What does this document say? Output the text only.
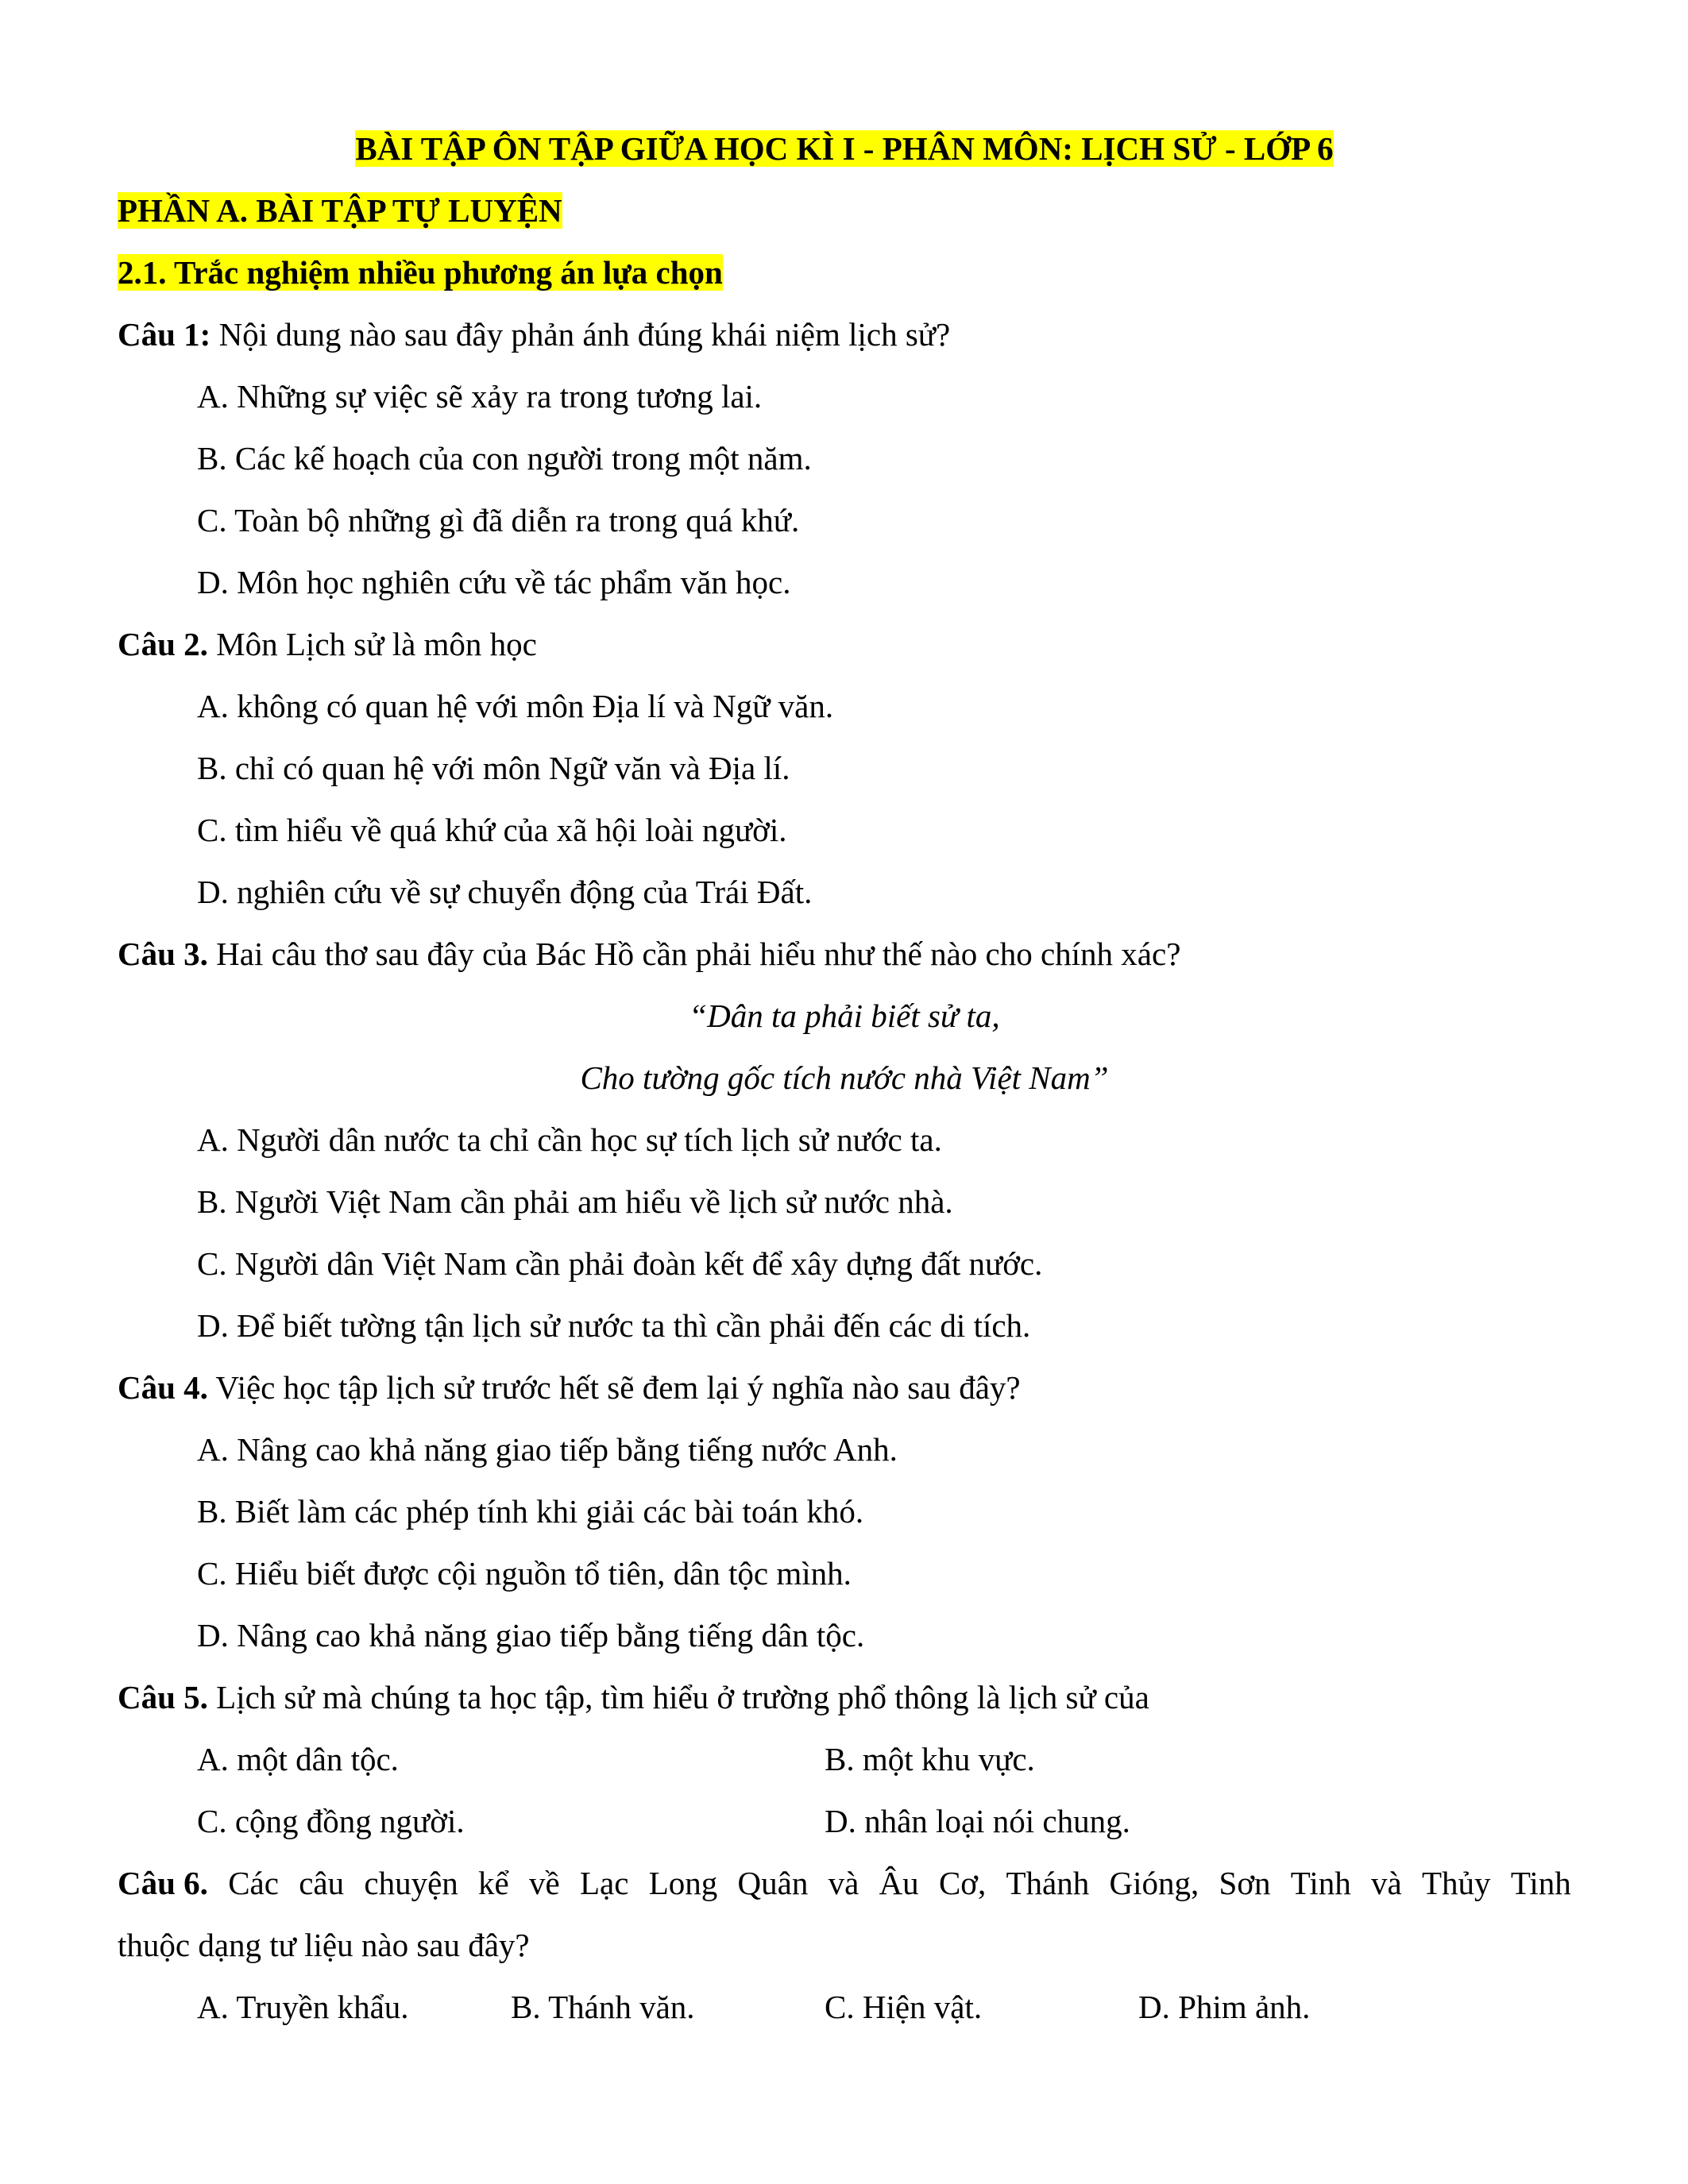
BÀI TẬP ÔN TẬP GIỮA HỌC KÌ I - PHÂN MÔN: LỊCH SỬ - LỚP 6
PHẦN A. BÀI TẬP TỰ LUYỆN
2.1. Trắc nghiệm nhiều phương án lựa chọn
Câu 1: Nội dung nào sau đây phản ánh đúng khái niệm lịch sử?
A. Những sự việc sẽ xảy ra trong tương lai.
B. Các kế hoạch của con người trong một năm.
C. Toàn bộ những gì đã diễn ra trong quá khứ.
D. Môn học nghiên cứu về tác phẩm văn học.
Câu 2. Môn Lịch sử là môn học
A. không có quan hệ với môn Địa lí và Ngữ văn.
B. chỉ có quan hệ với môn Ngữ văn và Địa lí.
C. tìm hiểu về quá khứ của xã hội loài người.
D. nghiên cứu về sự chuyển động của Trái Đất.
Câu 3. Hai câu thơ sau đây của Bác Hồ cần phải hiểu như thế nào cho chính xác?
“Dân ta phải biết sử ta,
Cho tường gốc tích nước nhà Việt Nam”
A. Người dân nước ta chỉ cần học sự tích lịch sử nước ta.
B. Người Việt Nam cần phải am hiểu về lịch sử nước nhà.
C. Người dân Việt Nam cần phải đoàn kết để xây dựng đất nước.
D. Để biết tường tận lịch sử nước ta thì cần phải đến các di tích.
Câu 4. Việc học tập lịch sử trước hết sẽ đem lại ý nghĩa nào sau đây?
A. Nâng cao khả năng giao tiếp bằng tiếng nước Anh.
B. Biết làm các phép tính khi giải các bài toán khó.
C. Hiểu biết được cội nguồn tổ tiên, dân tộc mình.
D. Nâng cao khả năng giao tiếp bằng tiếng dân tộc.
Câu 5. Lịch sử mà chúng ta học tập, tìm hiểu ở trường phổ thông là lịch sử của
A. một dân tộc.	B. một khu vực.
C. cộng đồng người.	D. nhân loại nói chung.
Câu 6. Các câu chuyện kể về Lạc Long Quân và Âu Cơ, Thánh Gióng, Sơn Tinh và Thủy Tinh
thuộc dạng tư liệu nào sau đây?
A. Truyền khẩu.	B. Thánh văn.	C. Hiện vật.	D. Phim ảnh.
